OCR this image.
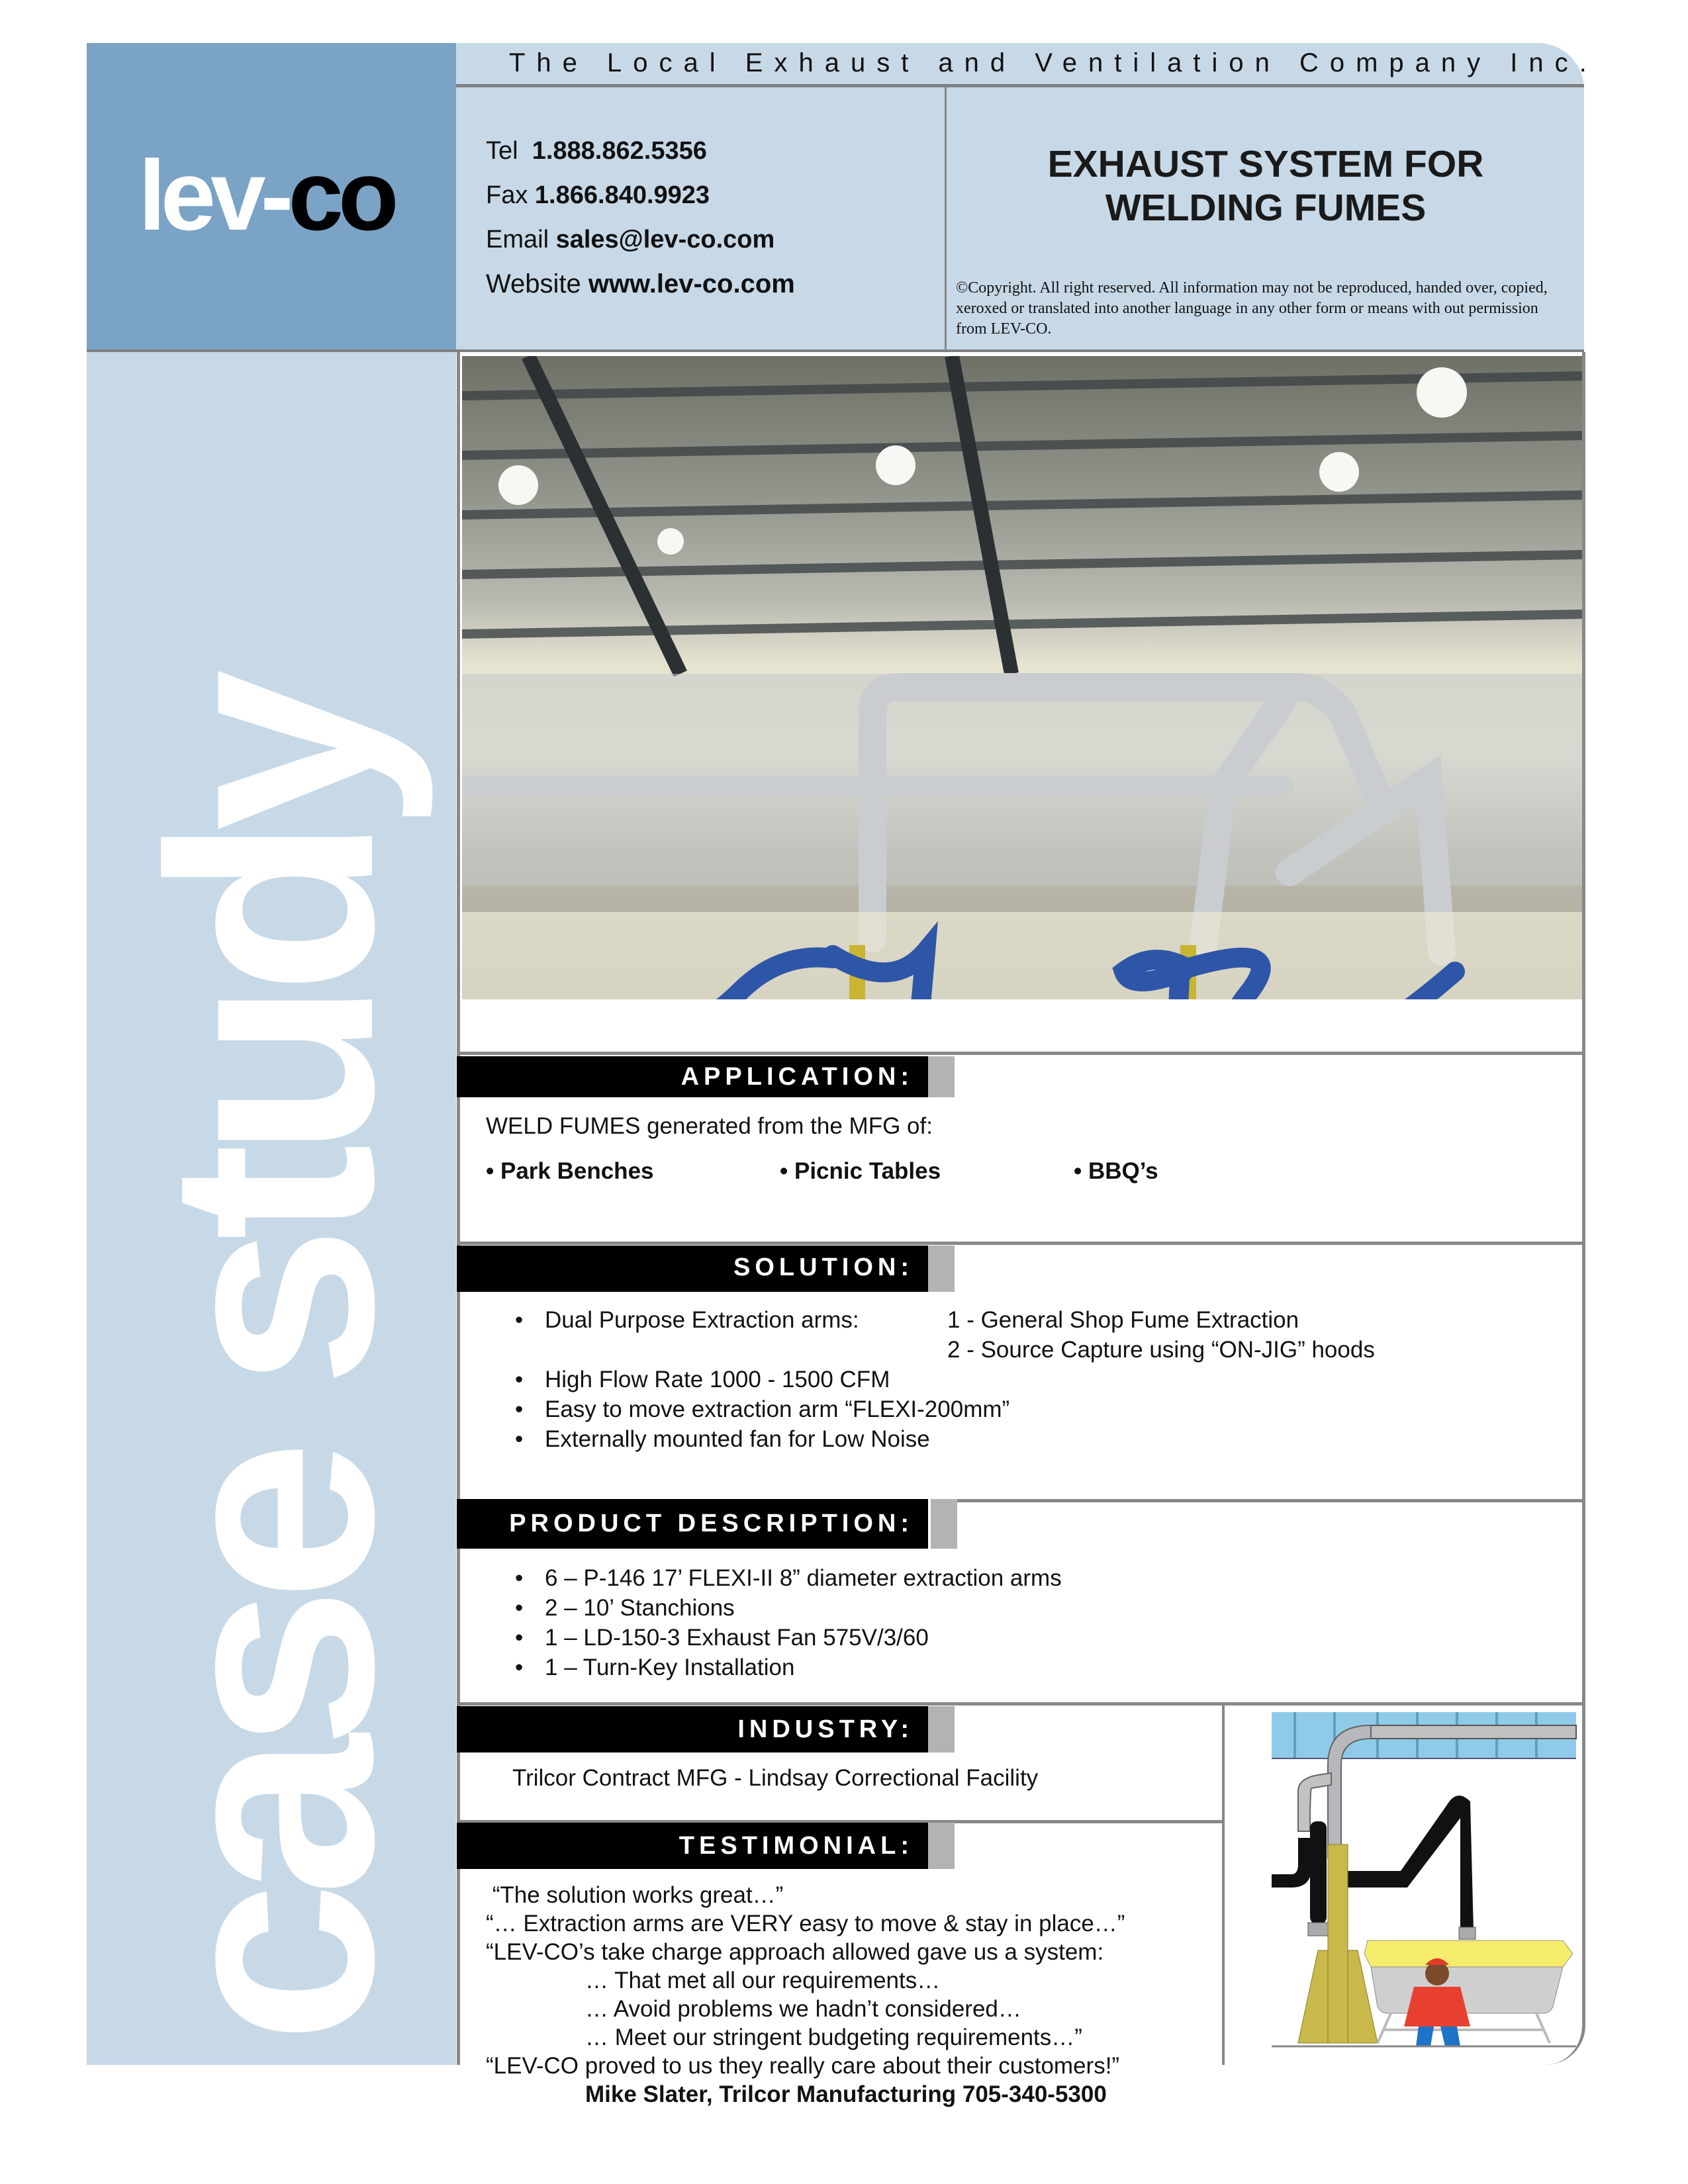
lev-co
case study
The Local Exhaust and Ventilation Company Inc.
Tel 1.888.862.5356
Fax 1.866.840.9923
Email sales@lev-co.com
Website www.lev-co.com
EXHAUST SYSTEM FOR
WELDING FUMES
©Copyright. All right reserved. All information may not be reproduced, handed over, copied, xeroxed or translated into another language in any other form or means with out permission from LEV-CO.
APPLICATION:
WELD FUMES generated from the MFG of:
• Park Benches	• Picnic Tables	• BBQ’s
SOLUTION:
• Dual Purpose Extraction arms:	1 - General Shop Fume Extraction
2 - Source Capture using “ON-JIG” hoods
• High Flow Rate 1000 - 1500 CFM
• Easy to move extraction arm “FLEXI-200mm”
• Externally mounted fan for Low Noise
PRODUCT DESCRIPTION:
• 6 – P-146 17’ FLEXI-II 8” diameter extraction arms
• 2 – 10’ Stanchions
• 1 – LD-150-3 Exhaust Fan 575V/3/60
• 1 – Turn-Key Installation
INDUSTRY:
Trilcor Contract MFG - Lindsay Correctional Facility
TESTIMONIAL:
“The solution works great…”
“… Extraction arms are VERY easy to move & stay in place…”
“LEV-CO’s take charge approach allowed gave us a system:
… That met all our requirements…
… Avoid problems we hadn’t considered…
… Meet our stringent budgeting requirements…”
“LEV-CO proved to us they really care about their customers!”
Mike Slater, Trilcor Manufacturing 705-340-5300
